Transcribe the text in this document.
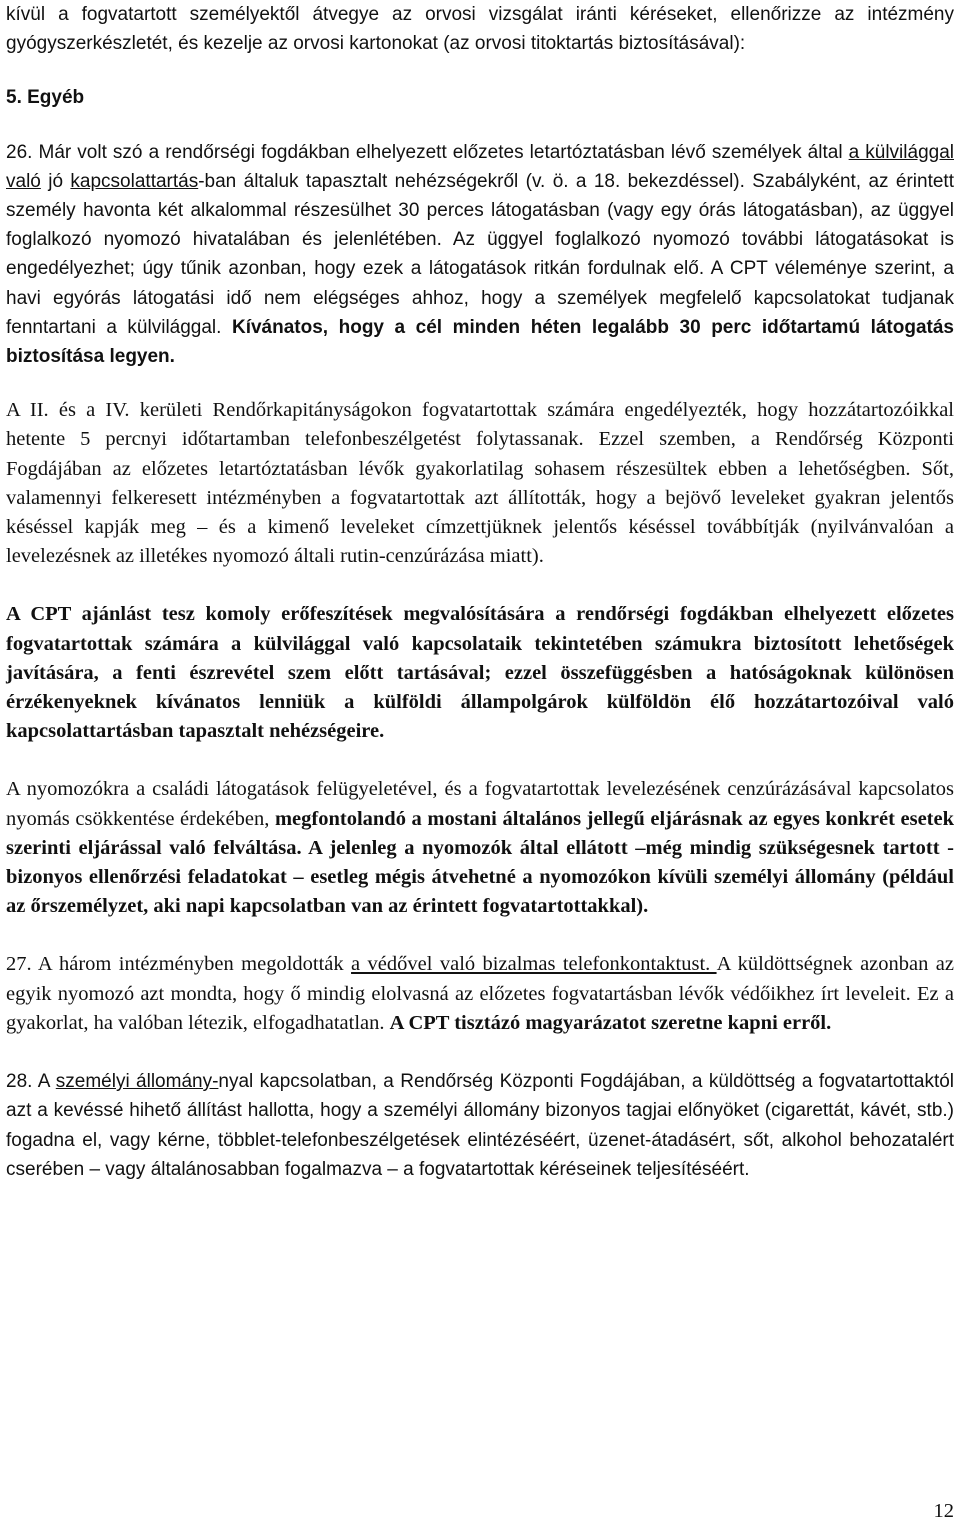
kívül a fogvatartott személyektől átvegye az orvosi vizsgálat iránti kéréseket, ellenőrizze az intézmény gyógyszerkészletét, és kezelje az orvosi kartonokat (az orvosi titoktartás biztosításával):

5. Egyéb

26. Már volt szó a rendőrségi fogdákban elhelyezett előzetes letartóztatásban lévő személyek által a külvilággal való jó kapcsolattartás-ban általuk tapasztalt nehézségekről (v. ö. a 18. bekezdéssel). Szabályként, az érintett személy havonta két alkalommal részesülhet 30 perces látogatásban (vagy egy órás látogatásban), az üggyel foglalkozó nyomozó hivatalában és jelenlétében. Az üggyel foglalkozó nyomozó további látogatásokat is engedélyezhet; úgy tűnik azonban, hogy ezek a látogatások ritkán fordulnak elő. A CPT véleménye szerint, a havi egyórás látogatási idő nem elégséges ahhoz, hogy a személyek megfelelő kapcsolatokat tudjanak fenntartani a külvilággal. Kívánatos, hogy a cél minden héten legalább 30 perc időtartamú látogatás biztosítása legyen.

A II. és a IV. kerületi Rendőrkapitányságokon fogvatartottak számára engedélyezték, hogy hozzátartozóikkal hetente 5 percnyi időtartamban telefonbeszélgetést folytassanak. Ezzel szemben, a Rendőrség Központi Fogdájában az előzetes letartóztatásban lévők gyakorlatilag sohasem részesültek ebben a lehetőségben. Sőt, valamennyi felkeresett intézményben a fogvatartottak azt állították, hogy a bejövő leveleket gyakran jelentős késéssel kapják meg – és a kimenő leveleket címzettjüknek jelentős késéssel továbbítják (nyilvánvalóan a levelezésnek az illetékes nyomozó általi rutin-cenzúrázása miatt).

A CPT ajánlást tesz komoly erőfeszítések megvalósítására a rendőrségi fogdákban elhelyezett előzetes fogvatartottak számára a külvilággal való kapcsolataik tekintetében számukra biztosított lehetőségek javítására, a fenti észrevétel szem előtt tartásával; ezzel összefüggésben a hatóságoknak különösen érzékenyeknek kívánatos lenniük a külföldi állampolgárok külföldön élő hozzátartozóival való kapcsolattartásban tapasztalt nehézségeire.

A nyomozókra a családi látogatások felügyeletével, és a fogvatartottak levelezésének cenzúrázásával kapcsolatos nyomás csökkentése érdekében, megfontolandó a mostani általános jellegű eljárásnak az egyes konkrét esetek szerinti eljárással való felváltása. A jelenleg a nyomozók által ellátott –még mindig szükségesnek tartott - bizonyos ellenőrzési feladatokat – esetleg mégis átvehetné a nyomozókon kívüli személyi állomány (például az őrszemélyzet, aki napi kapcsolatban van az érintett fogvatartottakkal).

27. A három intézményben megoldották a védővel való bizalmas telefonkontaktust. A küldöttségnek azonban az egyik nyomozó azt mondta, hogy ő mindig elolvasná az előzetes fogvatartásban lévők védőikhez írt leveleit. Ez a gyakorlat, ha valóban létezik, elfogadhatatlan. A CPT tisztázó magyarázatot szeretne kapni erről.

28. A személyi állomány-nyal kapcsolatban, a Rendőrség Központi Fogdájában, a küldöttség a fogvatartottaktól azt a kevéssé hihető állítást hallotta, hogy a személyi állomány bizonyos tagjai előnyöket (cigarettát, kávét, stb.) fogadna el, vagy kérne, többlet-telefonbeszélgetések elintézéséért, üzenet-átadásért, sőt, alkohol behozatalért cserében – vagy általánosabban fogalmazva – a fogvatartottak kéréseinek teljesítéséért.

12
